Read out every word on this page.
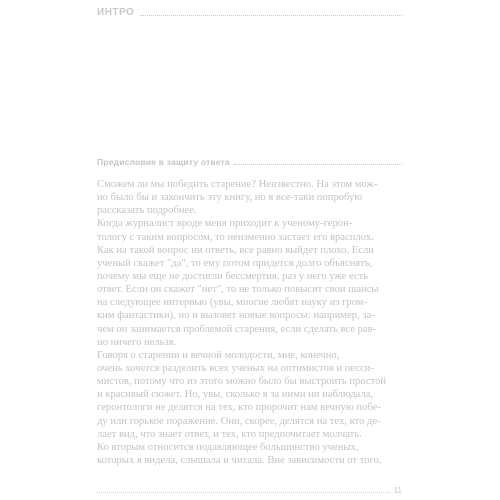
ИНТРО
Предисловие в защиту ответа
Сможем ли мы победить старение? Неизвестно. На этом мож-
но было бы и закончить эту книгу, но я все-таки попробую
рассказать подробнее.
Когда журналист вроде меня приходит к ученому-герон-
тологу с таким вопросом, то неизменно застает его врасплох.
Как на такой вопрос ни ответь, все равно выйдет плохо. Если
ученый скажет "да", то ему потом придется долго объяснять,
почему мы еще не достигли бессмертия, раз у него уже есть
ответ. Если он скажет "нет", то не только повысит свои шансы
на следующее интервью (увы, многие любят науку из гром-
ким фантастики), но и вызовет новые вопросы: например, за-
чем он занимается проблемой старения, если сделать все рав-
но ничего нельзя.
Говоря о старении и вечной молодости, мне, конечно,
очень хочется разделить всех ученых на оптимистов и песси-
мистов, потому что из этого можно было бы выстроить простой
и красивый сюжет. Но, увы, сколько я за ними ни наблюдала,
геронтологи не делятся на тех, кто пророчит нам вечную побе-
ду или горькое поражение. Они, скорее, делятся на тех, кто де-
лает вид, что знает ответ, и тех, кто предпочитает молчать.
Ко вторым относится подавляющее большинство ученых,
которых я видела, слышала и читала. Вне зависимости от того,
11
